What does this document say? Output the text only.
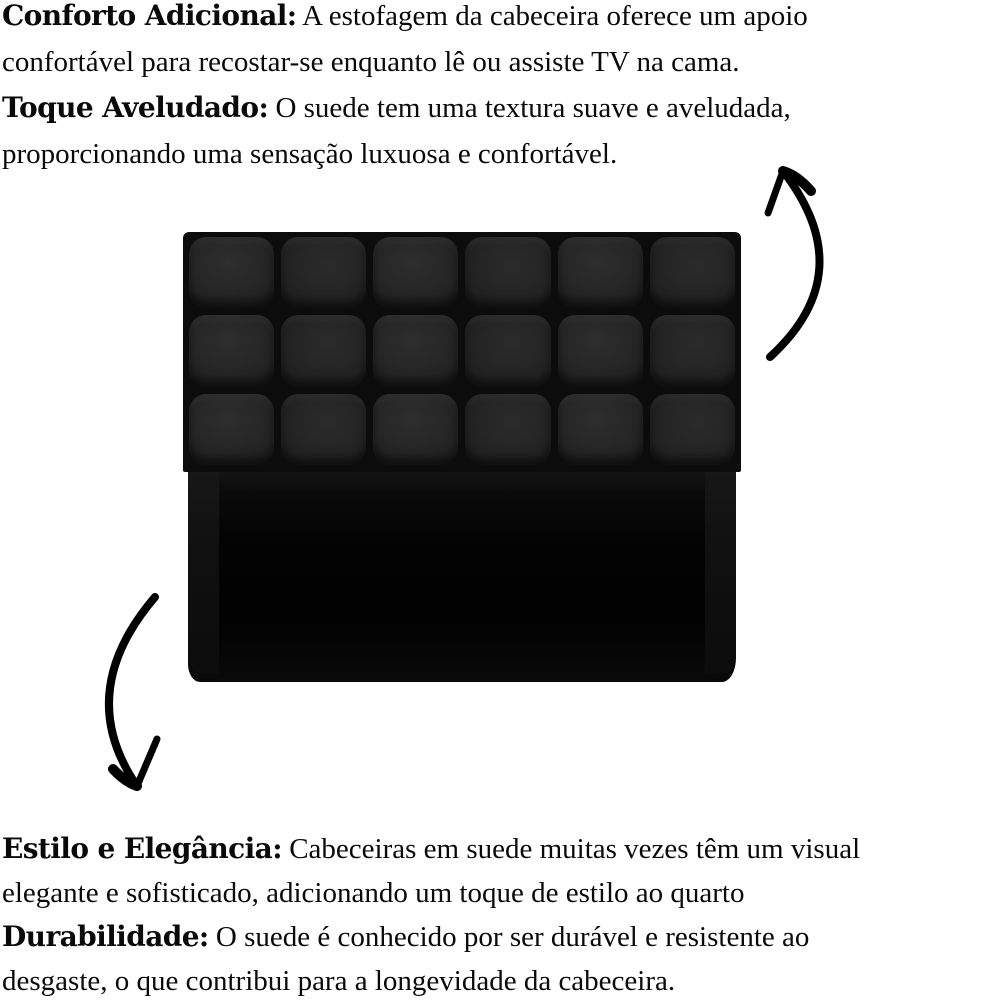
Conforto Adicional: A estofagem da cabeceira oferece um apoio
confortável para recostar-se enquanto lê ou assiste TV na cama.
Toque Aveludado: O suede tem uma textura suave e aveludada,
proporcionando uma sensação luxuosa e confortável.
Estilo e Elegância: Cabeceiras em suede muitas vezes têm um visual
elegante e sofisticado, adicionando um toque de estilo ao quarto
Durabilidade: O suede é conhecido por ser durável e resistente ao
desgaste, o que contribui para a longevidade da cabeceira.
